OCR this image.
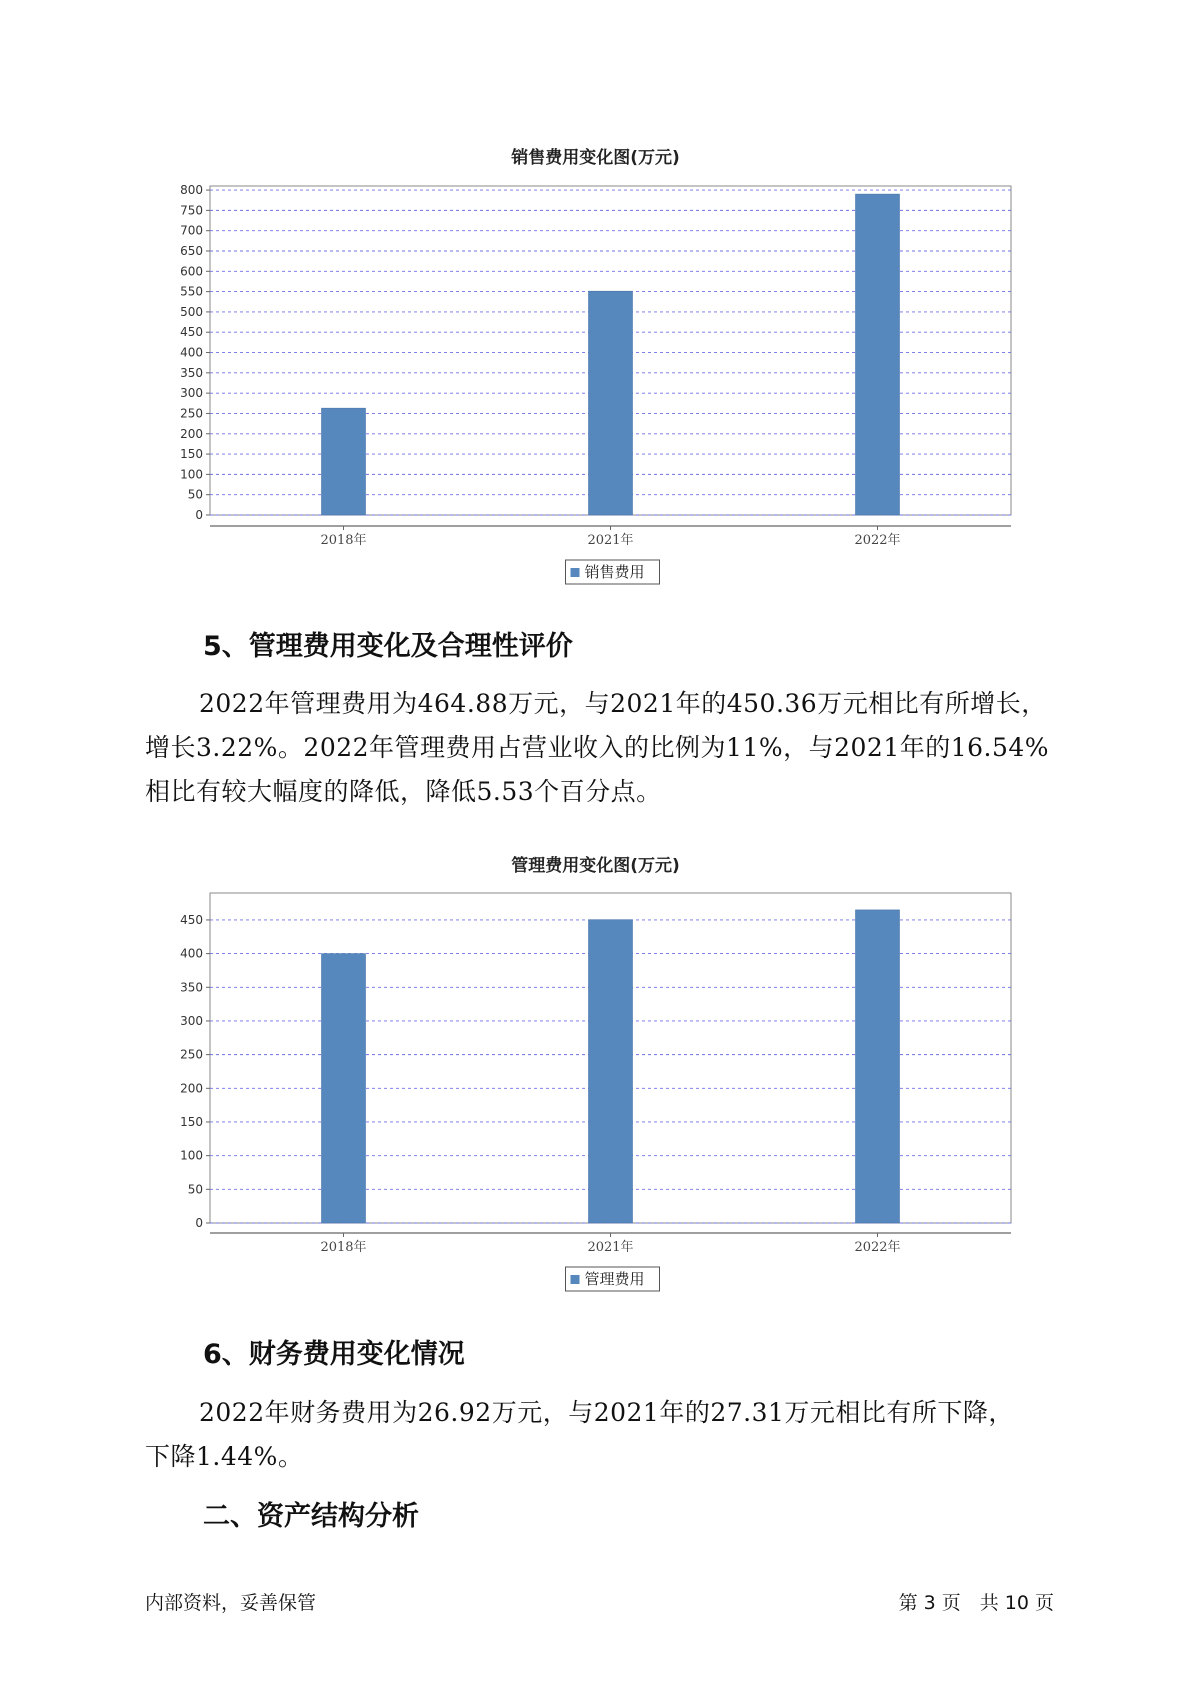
销售费用变化图(万元)
0
50
100
150
200
250
300
350
400
450
500
550
600
650
700
750
800
2018年	2021年	2022年
销售费用
5、管理费用变化及合理性评价

2022年管理费用为464.88万元，与2021年的450.36万元相比有所增长，
增长3.22%。2022年管理费用占营业收入的比例为11%，与2021年的16.54%
相比有较大幅度的降低，降低5.53个百分点。

管理费用变化图(万元)
0
50
100
150
200
250
300
350
400
450
2018年	2021年	2022年
管理费用
6、财务费用变化情况

2022年财务费用为26.92万元，与2021年的27.31万元相比有所下降，
下降1.44%。

二、资产结构分析
内部资料，妥善保管	第 3 页　共 10 页
